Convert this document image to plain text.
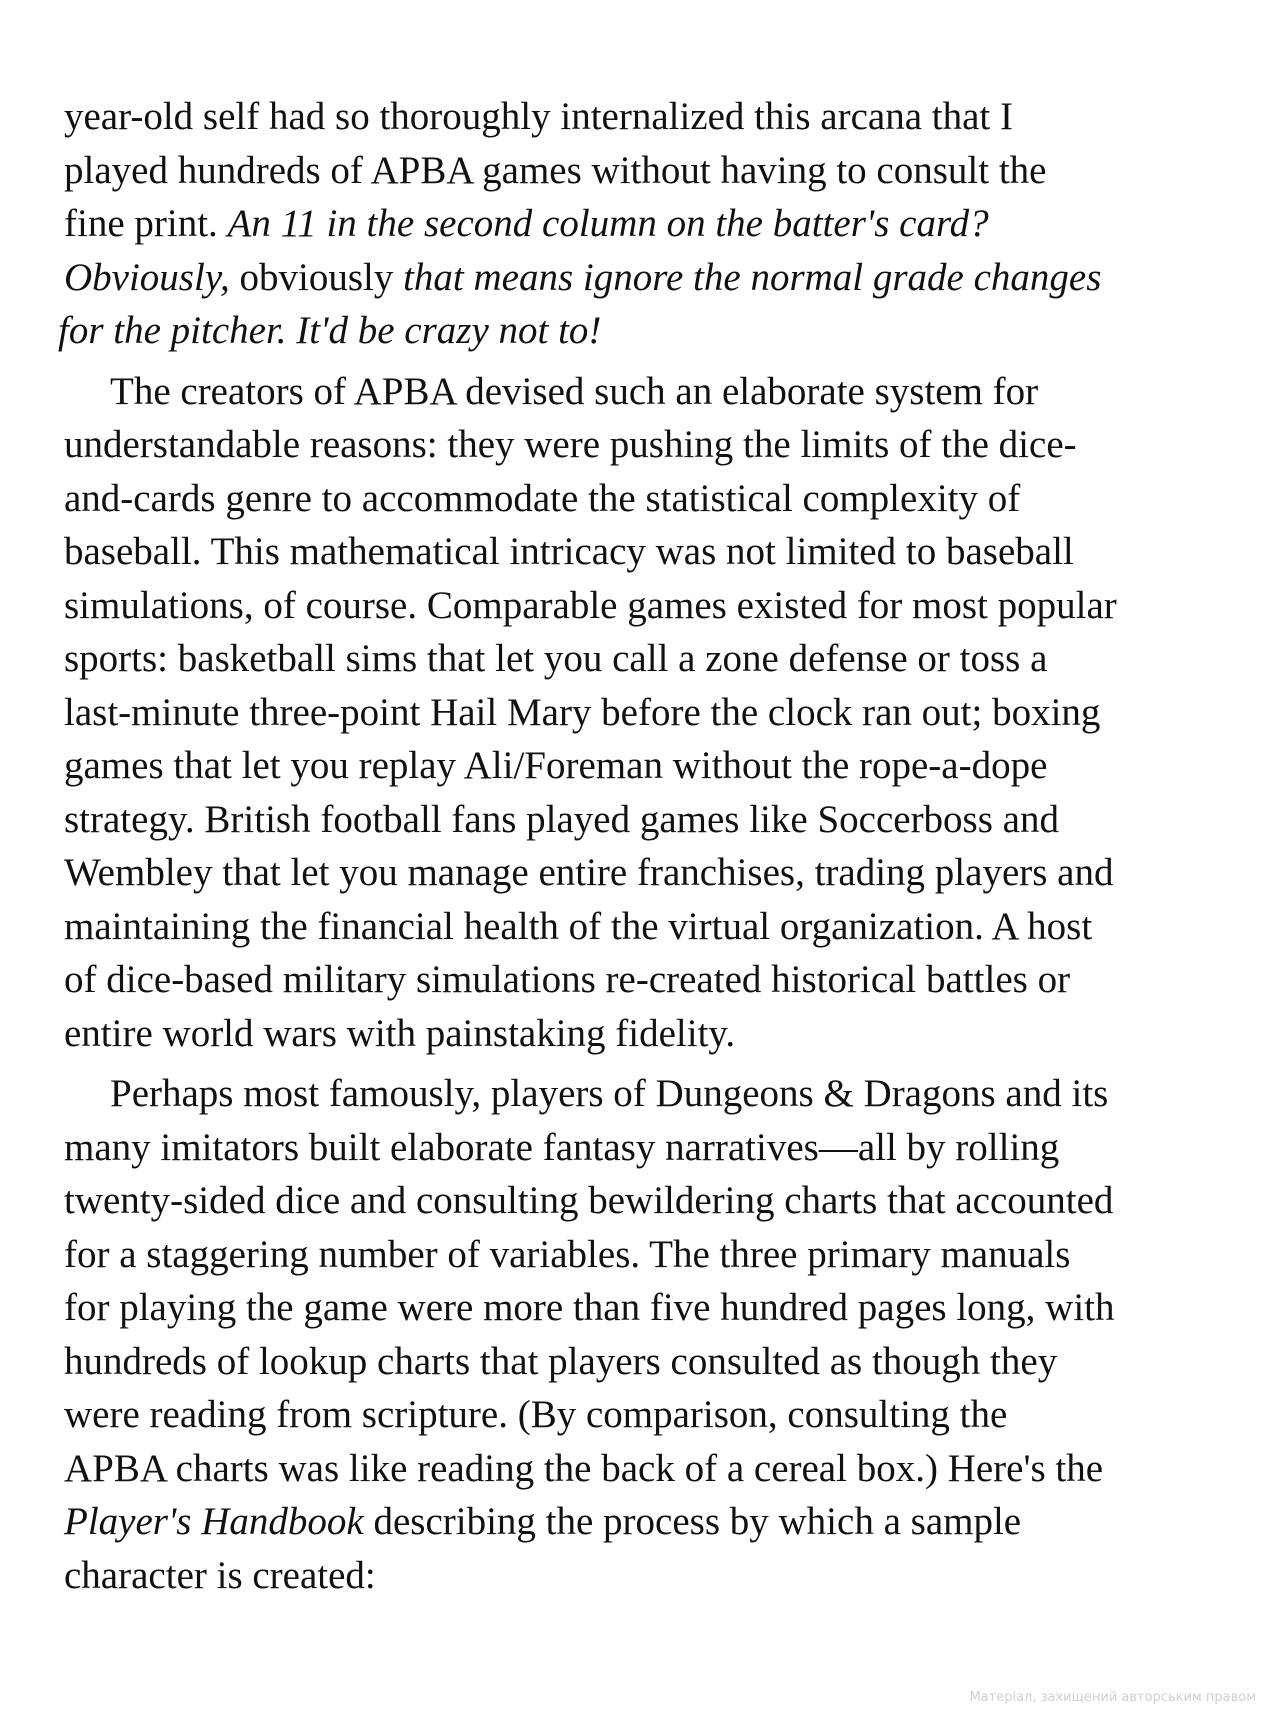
year-old self had so thoroughly internalized this arcana that I
played hundreds of APBA games without having to consult the
fine print. An 11 in the second column on the batter's card?
Obviously, obviously that means ignore the normal grade changes
for the pitcher. It'd be crazy not to!
The creators of APBA devised such an elaborate system for
understandable reasons: they were pushing the limits of the dice-
and-cards genre to accommodate the statistical complexity of
baseball. This mathematical intricacy was not limited to baseball
simulations, of course. Comparable games existed for most popular
sports: basketball sims that let you call a zone defense or toss a
last-minute three-point Hail Mary before the clock ran out; boxing
games that let you replay Ali/Foreman without the rope-a-dope
strategy. British football fans played games like Soccerboss and
Wembley that let you manage entire franchises, trading players and
maintaining the financial health of the virtual organization. A host
of dice-based military simulations re-created historical battles or
entire world wars with painstaking fidelity.
Perhaps most famously, players of Dungeons & Dragons and its
many imitators built elaborate fantasy narratives—all by rolling
twenty-sided dice and consulting bewildering charts that accounted
for a staggering number of variables. The three primary manuals
for playing the game were more than five hundred pages long, with
hundreds of lookup charts that players consulted as though they
were reading from scripture. (By comparison, consulting the
APBA charts was like reading the back of a cereal box.) Here's the
Player's Handbook describing the process by which a sample
character is created:
Матеріал, захищений авторським правом
